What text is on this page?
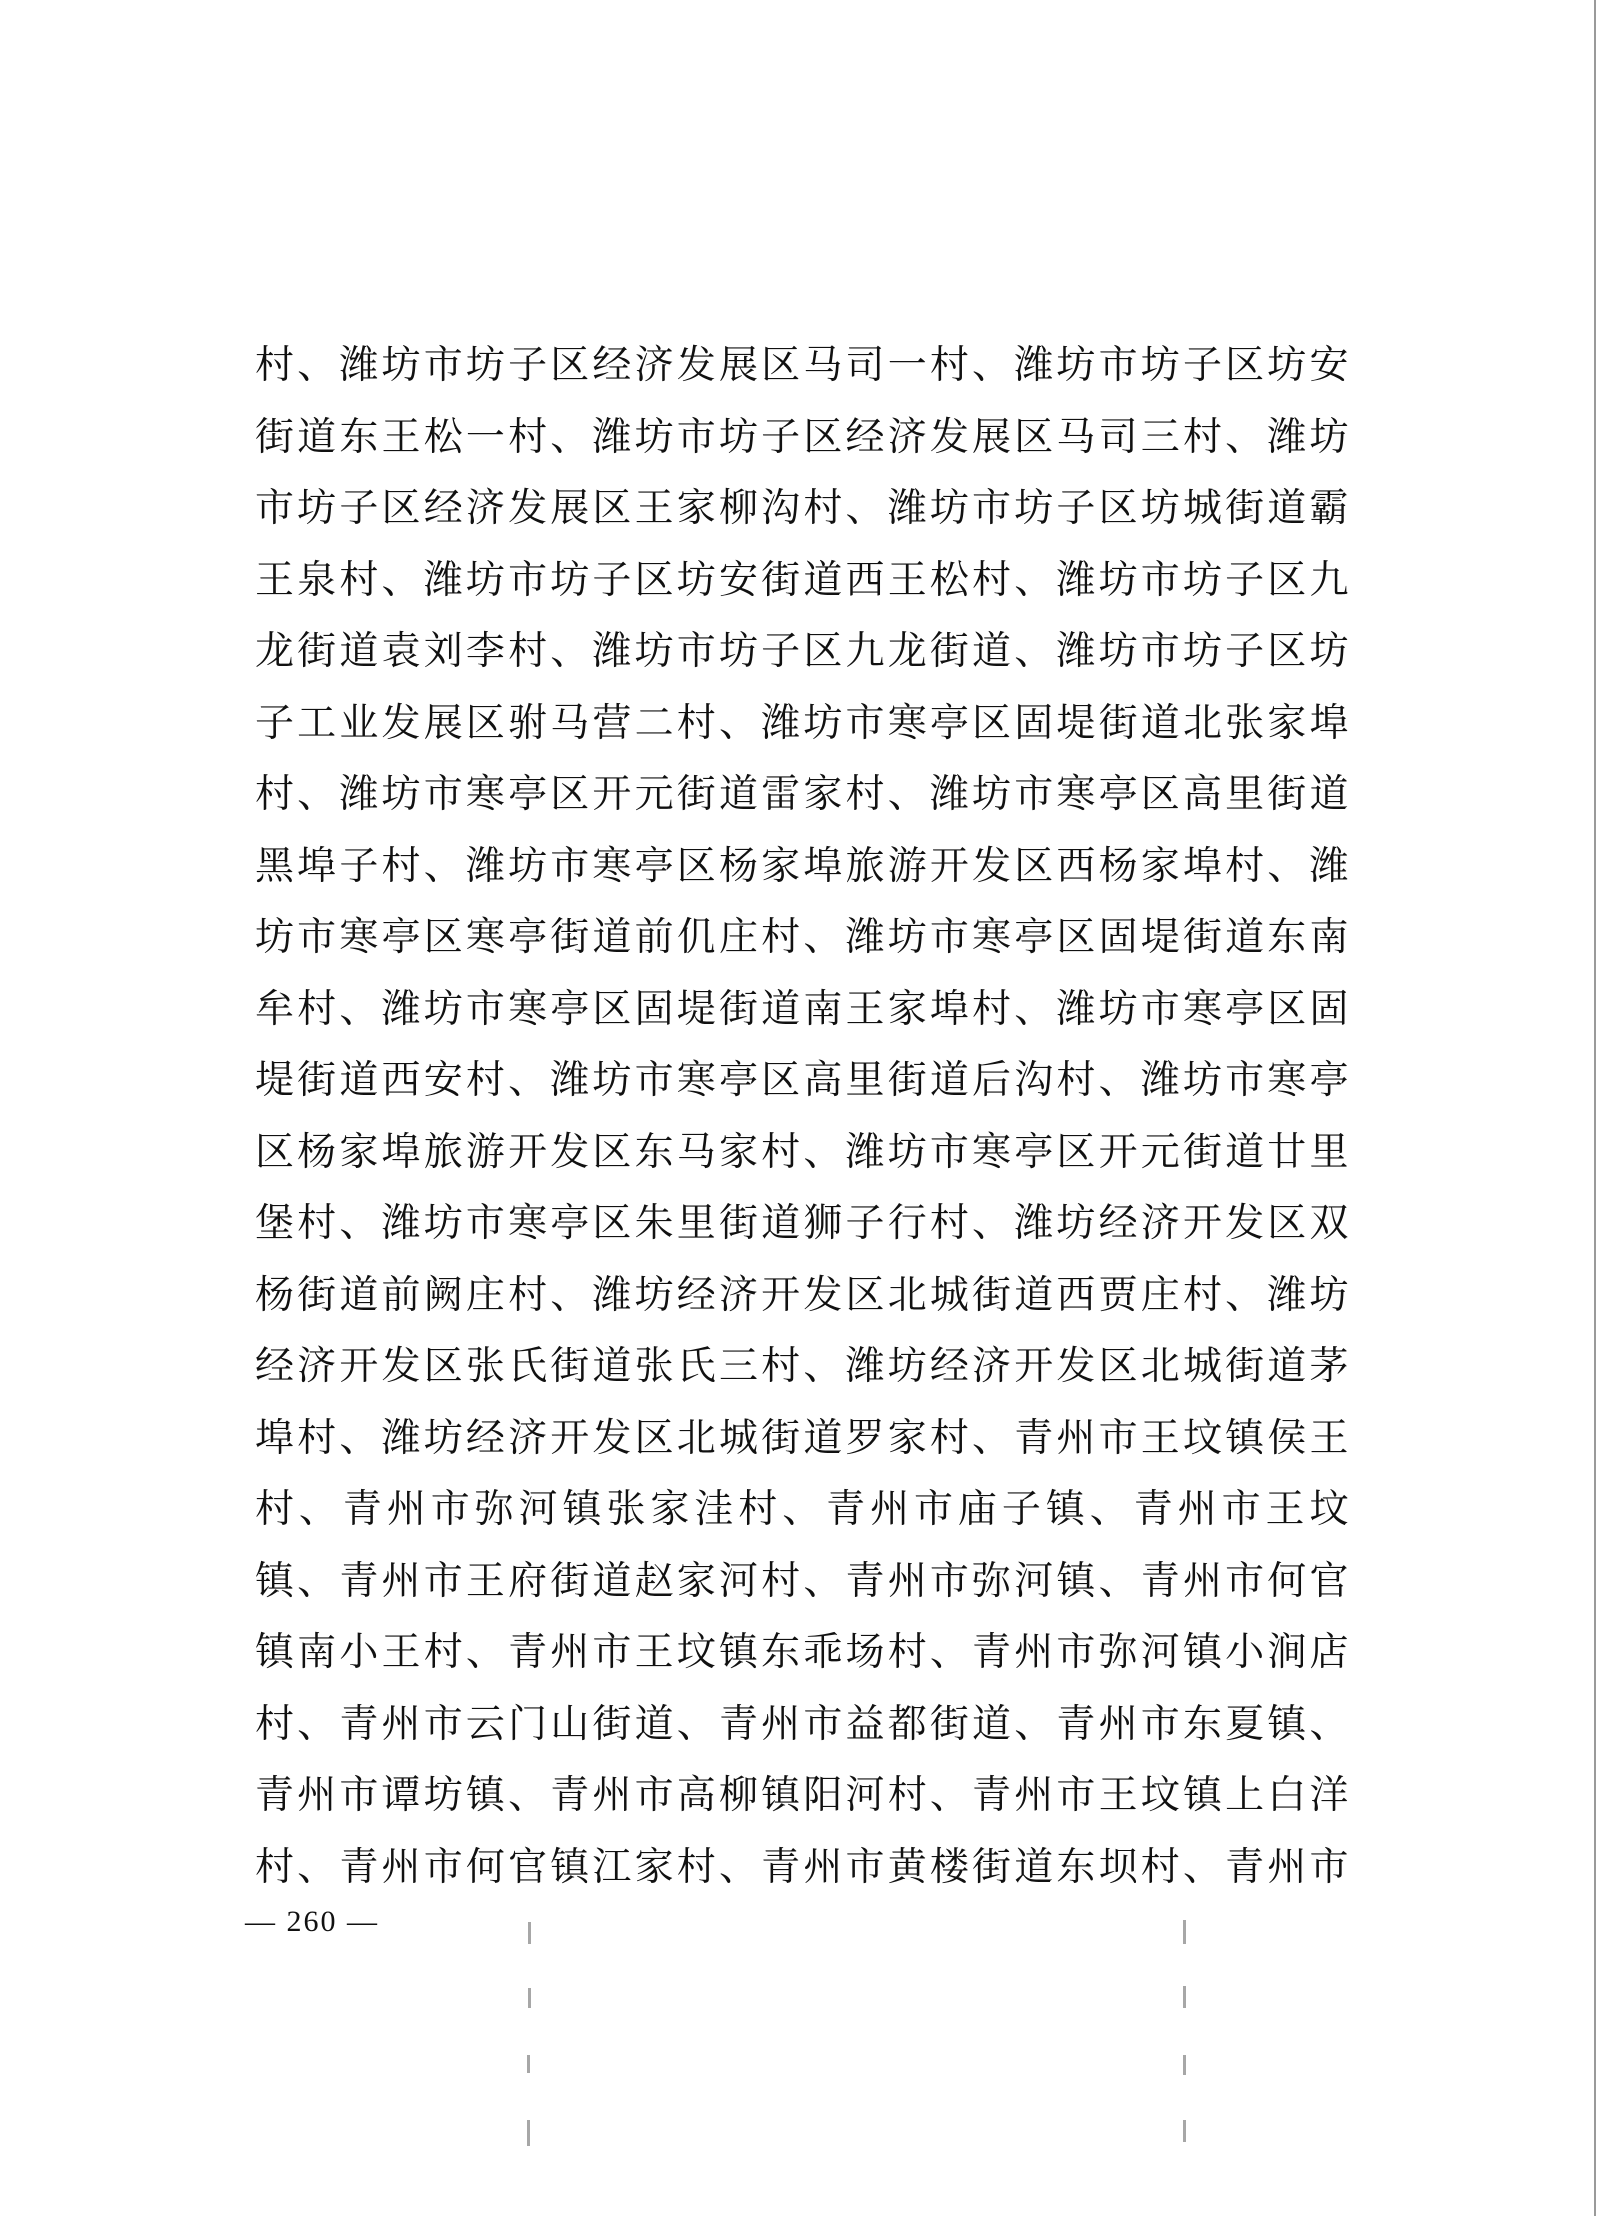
村、潍坊市坊子区经济发展区马司一村、潍坊市坊子区坊安
街道东王松一村、潍坊市坊子区经济发展区马司三村、潍坊
市坊子区经济发展区王家柳沟村、潍坊市坊子区坊城街道霸
王泉村、潍坊市坊子区坊安街道西王松村、潍坊市坊子区九
龙街道袁刘李村、潍坊市坊子区九龙街道、潍坊市坊子区坊
子工业发展区驸马营二村、潍坊市寒亭区固堤街道北张家埠
村、潍坊市寒亭区开元街道雷家村、潍坊市寒亭区高里街道
黑埠子村、潍坊市寒亭区杨家埠旅游开发区西杨家埠村、潍
坊市寒亭区寒亭街道前仉庄村、潍坊市寒亭区固堤街道东南
牟村、潍坊市寒亭区固堤街道南王家埠村、潍坊市寒亭区固
堤街道西安村、潍坊市寒亭区高里街道后沟村、潍坊市寒亭
区杨家埠旅游开发区东马家村、潍坊市寒亭区开元街道廿里
堡村、潍坊市寒亭区朱里街道狮子行村、潍坊经济开发区双
杨街道前阙庄村、潍坊经济开发区北城街道西贾庄村、潍坊
经济开发区张氏街道张氏三村、潍坊经济开发区北城街道茅
埠村、潍坊经济开发区北城街道罗家村、青州市王坟镇侯王
村、青州市弥河镇张家洼村、青州市庙子镇、青州市王坟
镇、青州市王府街道赵家河村、青州市弥河镇、青州市何官
镇南小王村、青州市王坟镇东乖场村、青州市弥河镇小涧店
村、青州市云门山街道、青州市益都街道、青州市东夏镇、
青州市谭坊镇、青州市高柳镇阳河村、青州市王坟镇上白洋
村、青州市何官镇江家村、青州市黄楼街道东坝村、青州市
— 260 —
